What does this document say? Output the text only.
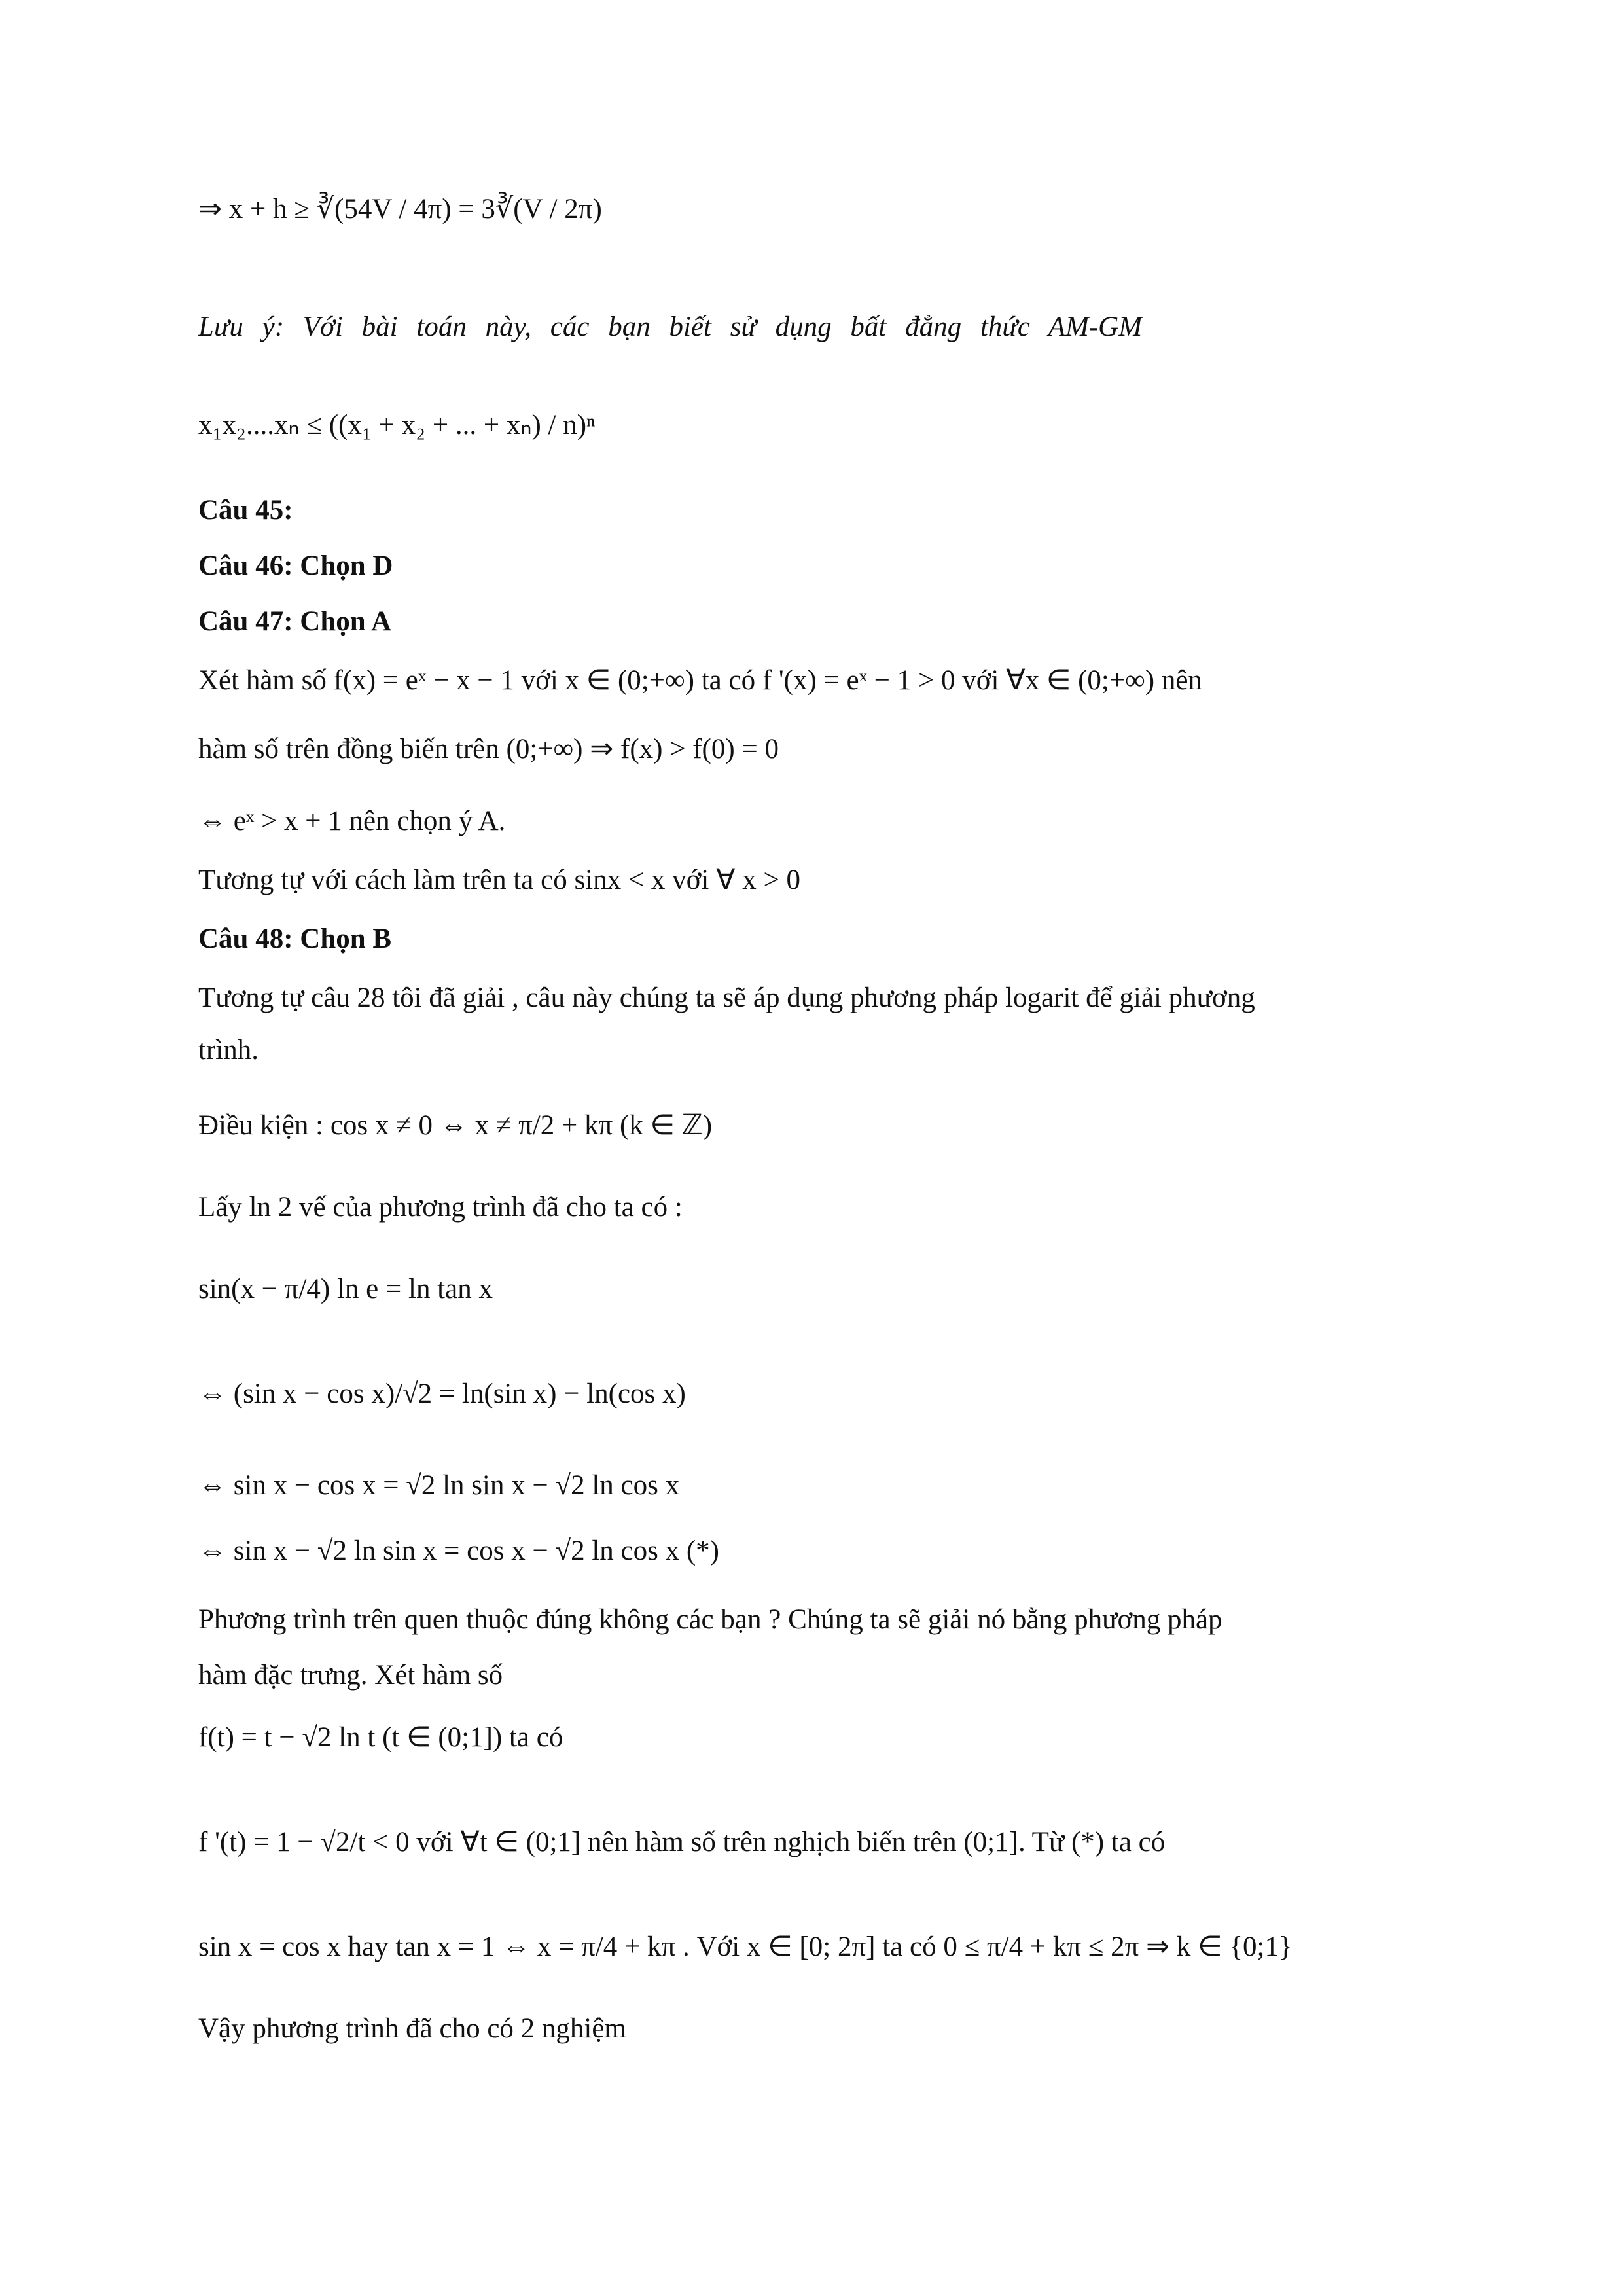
⇒ x + h ≥ ∛(54V / 4π) = 3∛(V / 2π)
Lưu ý: Với bài toán này, các bạn biết sử dụng bất đẳng thức AM-GM
x₁x₂....xₙ ≤ ((x₁ + x₂ + ... + xₙ) / n)ⁿ
Câu 45:
Câu 46: Chọn D
Câu 47: Chọn A
Xét hàm số f(x) = eˣ − x − 1 với x ∈ (0;+∞) ta có f '(x) = eˣ − 1 > 0 với ∀x ∈ (0;+∞) nên
hàm số trên đồng biến trên (0;+∞) ⇒ f(x) > f(0) = 0
⇔ eˣ > x + 1 nên chọn ý A.
Tương tự với cách làm trên ta có sinx < x với ∀ x > 0
Câu 48: Chọn B
Tương tự câu 28 tôi đã giải , câu này chúng ta sẽ áp dụng phương pháp logarit để giải phương
trình.
Điều kiện : cos x ≠ 0 ⇔ x ≠ π/2 + kπ (k ∈ ℤ)
Lấy ln 2 vế của phương trình đã cho ta có :
sin(x − π/4) ln e = ln tan x
⇔ (sin x − cos x)/√2 = ln(sin x) − ln(cos x)
⇔ sin x − cos x = √2 ln sin x − √2 ln cos x
⇔ sin x − √2 ln sin x = cos x − √2 ln cos x (*)
Phương trình trên quen thuộc đúng không các bạn ? Chúng ta sẽ giải nó bằng phương pháp
hàm đặc trưng. Xét hàm số
f(t) = t − √2 ln t (t ∈ (0;1]) ta có
f '(t) = 1 − √2/t < 0 với ∀t ∈ (0;1] nên hàm số trên nghịch biến trên (0;1]. Từ (*) ta có
sin x = cos x hay tan x = 1 ⇔ x = π/4 + kπ . Với x ∈ [0; 2π] ta có 0 ≤ π/4 + kπ ≤ 2π ⇒ k ∈ {0;1}
Vậy phương trình đã cho có 2 nghiệm
